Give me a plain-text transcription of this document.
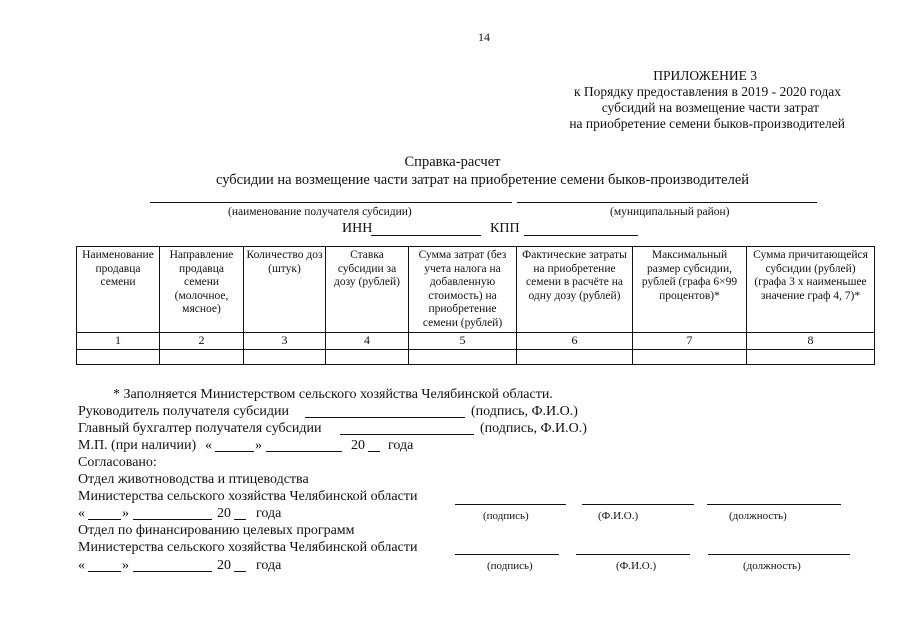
14
ПРИЛОЖЕНИЕ 3
к Порядку предоставления в 2019 - 2020 годах
субсидий на возмещение части затрат
на приобретение семени быков-производителей
Справка-расчет
субсидии на возмещение части затрат на приобретение семени быков-производителей
(наименование получателя субсидии)	(муниципальный район)
ИНН	КПП
Наименование продавца семени	Направление продавца семени (молочное, мясное)	Количество доз (штук)	Ставка субсидии за дозу (рублей)	Сумма затрат (без учета налога на добавленную стоимость) на приобретение семени (рублей)	Фактические затраты на приобретение семени в расчёте на одну дозу (рублей)	Максимальный размер субсидии, рублей (графа 6×99 процентов)*	Сумма причитающейся субсидии (рублей) (графа 3 х наименьшее значение граф 4, 7)*
1	2	3	4	5	6	7	8

* Заполняется Министерством сельского хозяйства Челябинской области.
Руководитель получателя субсидии	(подпись, Ф.И.О.)
Главный бухгалтер получателя субсидии	(подпись, Ф.И.О.)
М.П. (при наличии) «	»	20 года
Согласовано:
Отдел животноводства и птицеводства
Министерства сельского хозяйства Челябинской области
«	»	20 года	(подпись)	(Ф.И.О.)	(должность)
Отдел по финансированию целевых программ
Министерства сельского хозяйства Челябинской области
«	»	20 года	(подпись)	(Ф.И.О.)	(должность)
